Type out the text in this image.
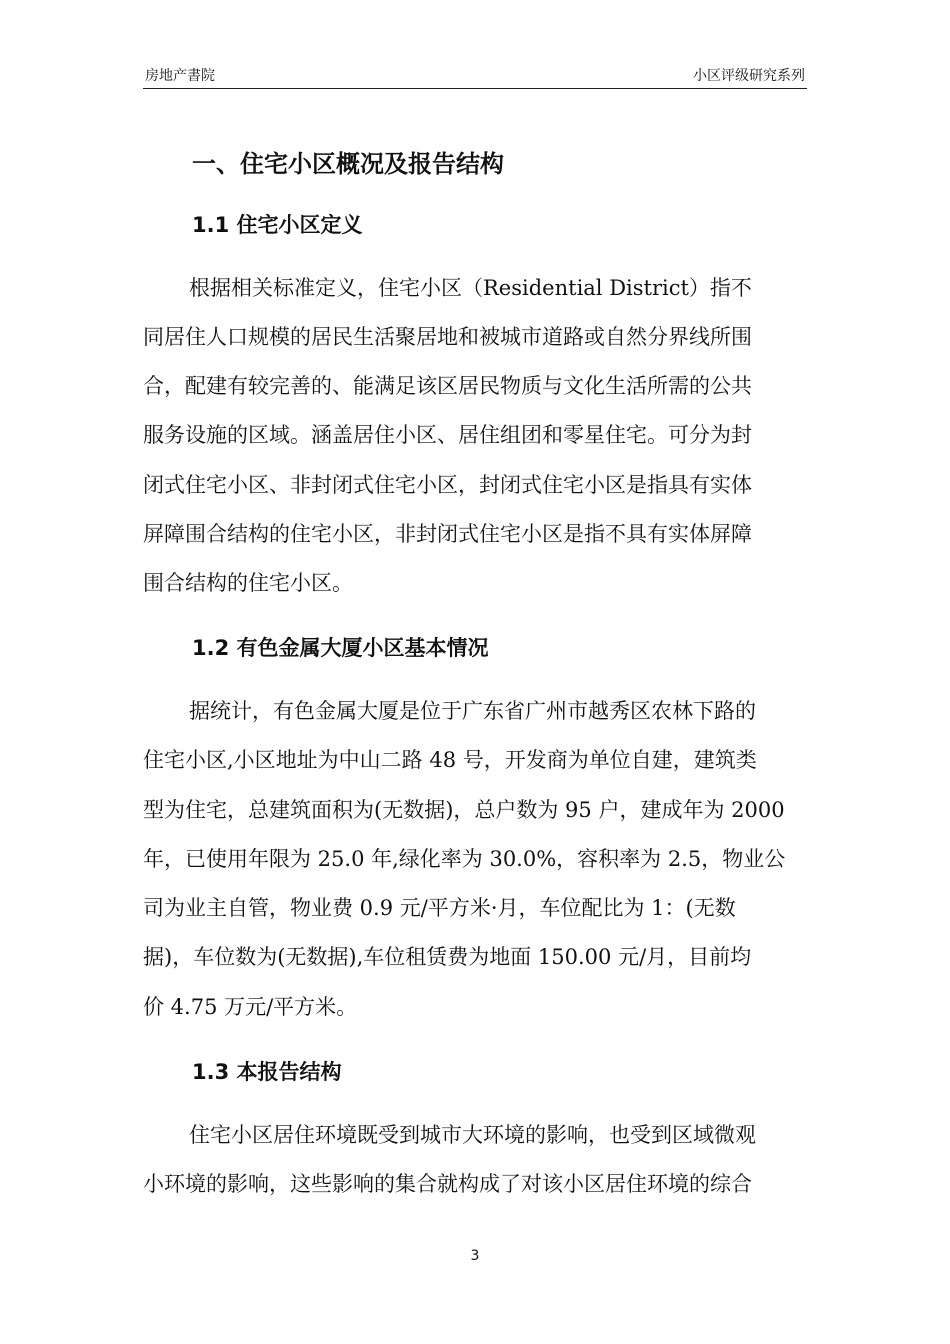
房地产書院	小区评级研究系列
一、住宅小区概况及报告结构
1.1 住宅小区定义
根据相关标准定义，住宅小区（Residential District）指不
同居住人口规模的居民生活聚居地和被城市道路或自然分界线所围
合，配建有较完善的、能满足该区居民物质与文化生活所需的公共
服务设施的区域。涵盖居住小区、居住组团和零星住宅。可分为封
闭式住宅小区、非封闭式住宅小区，封闭式住宅小区是指具有实体
屏障围合结构的住宅小区，非封闭式住宅小区是指不具有实体屏障
围合结构的住宅小区。
1.2 有色金属大厦小区基本情况
据统计，有色金属大厦是位于广东省广州市越秀区农林下路的
住宅小区,小区地址为中山二路 48 号，开发商为单位自建，建筑类
型为住宅，总建筑面积为(无数据)，总户数为 95 户，建成年为 2000
年，已使用年限为 25.0 年,绿化率为 30.0%，容积率为 2.5，物业公
司为业主自管，物业费 0.9 元/平方米·月，车位配比为 1：(无数
据)，车位数为(无数据),车位租赁费为地面 150.00 元/月，目前均
价 4.75 万元/平方米。
1.3 本报告结构
住宅小区居住环境既受到城市大环境的影响，也受到区域微观
小环境的影响，这些影响的集合就构成了对该小区居住环境的综合
3
